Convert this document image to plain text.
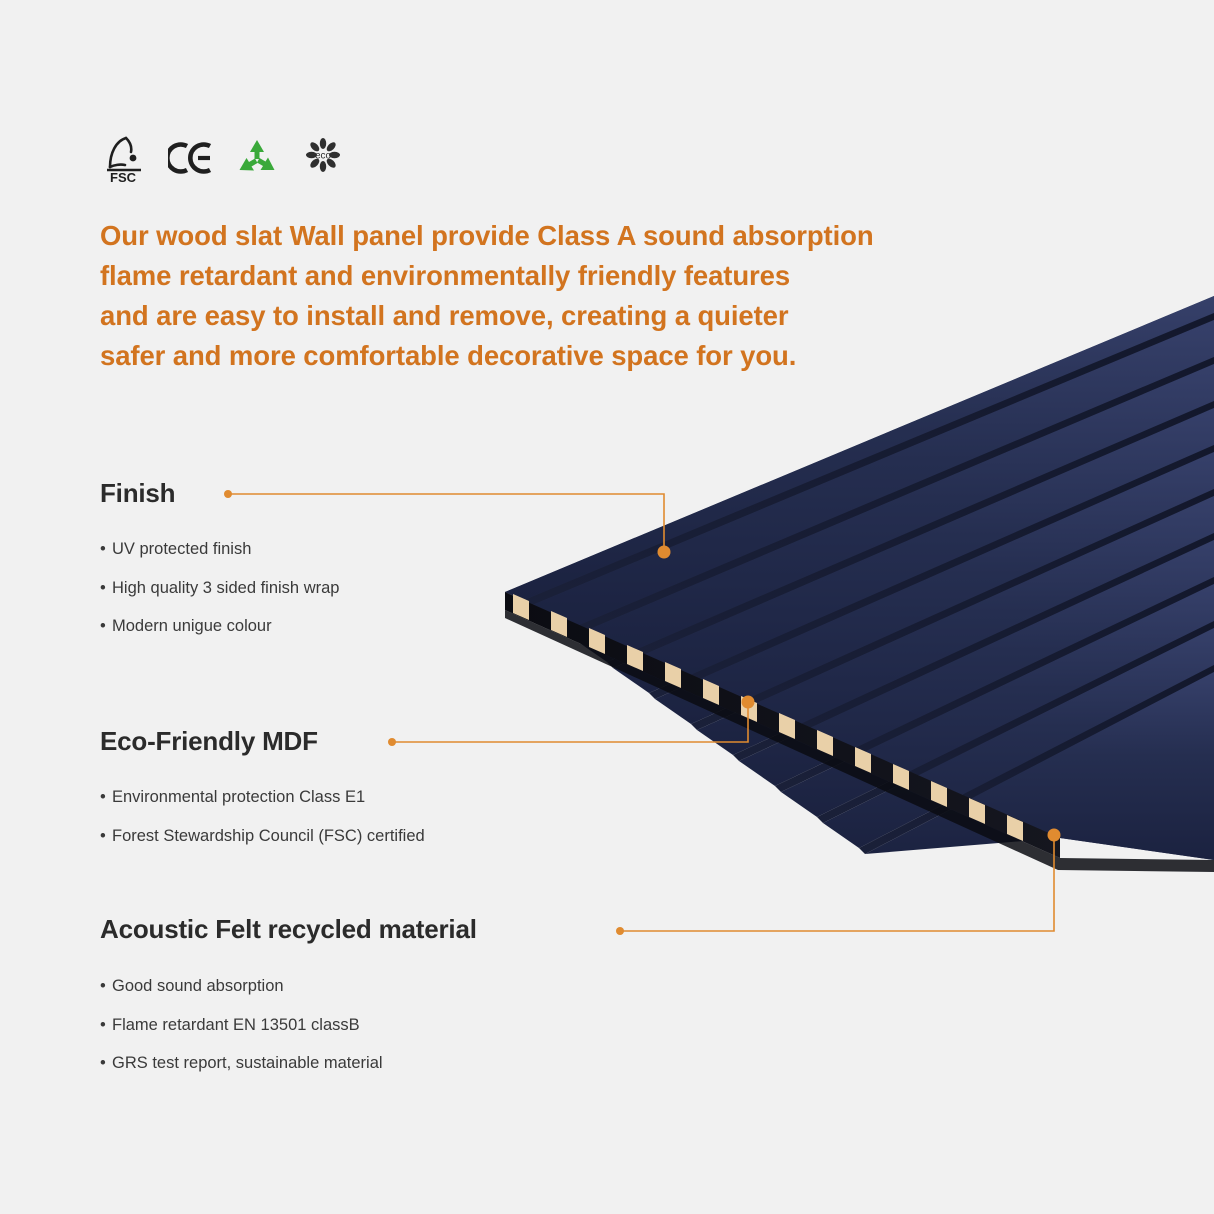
FSC
eco
Our wood slat Wall panel provide Class A sound absorption
flame retardant and environmentally friendly features
and are easy to install and remove, creating a quieter
safer and more comfortable decorative space for you.
Finish
• UV protected finish
• High quality 3 sided finish wrap
• Modern unigue colour
Eco-Friendly MDF
• Environmental protection Class E1
• Forest Stewardship Council (FSC) certified
Acoustic Felt recycled material
• Good sound absorption
• Flame retardant EN 13501 classB
• GRS test report, sustainable material
